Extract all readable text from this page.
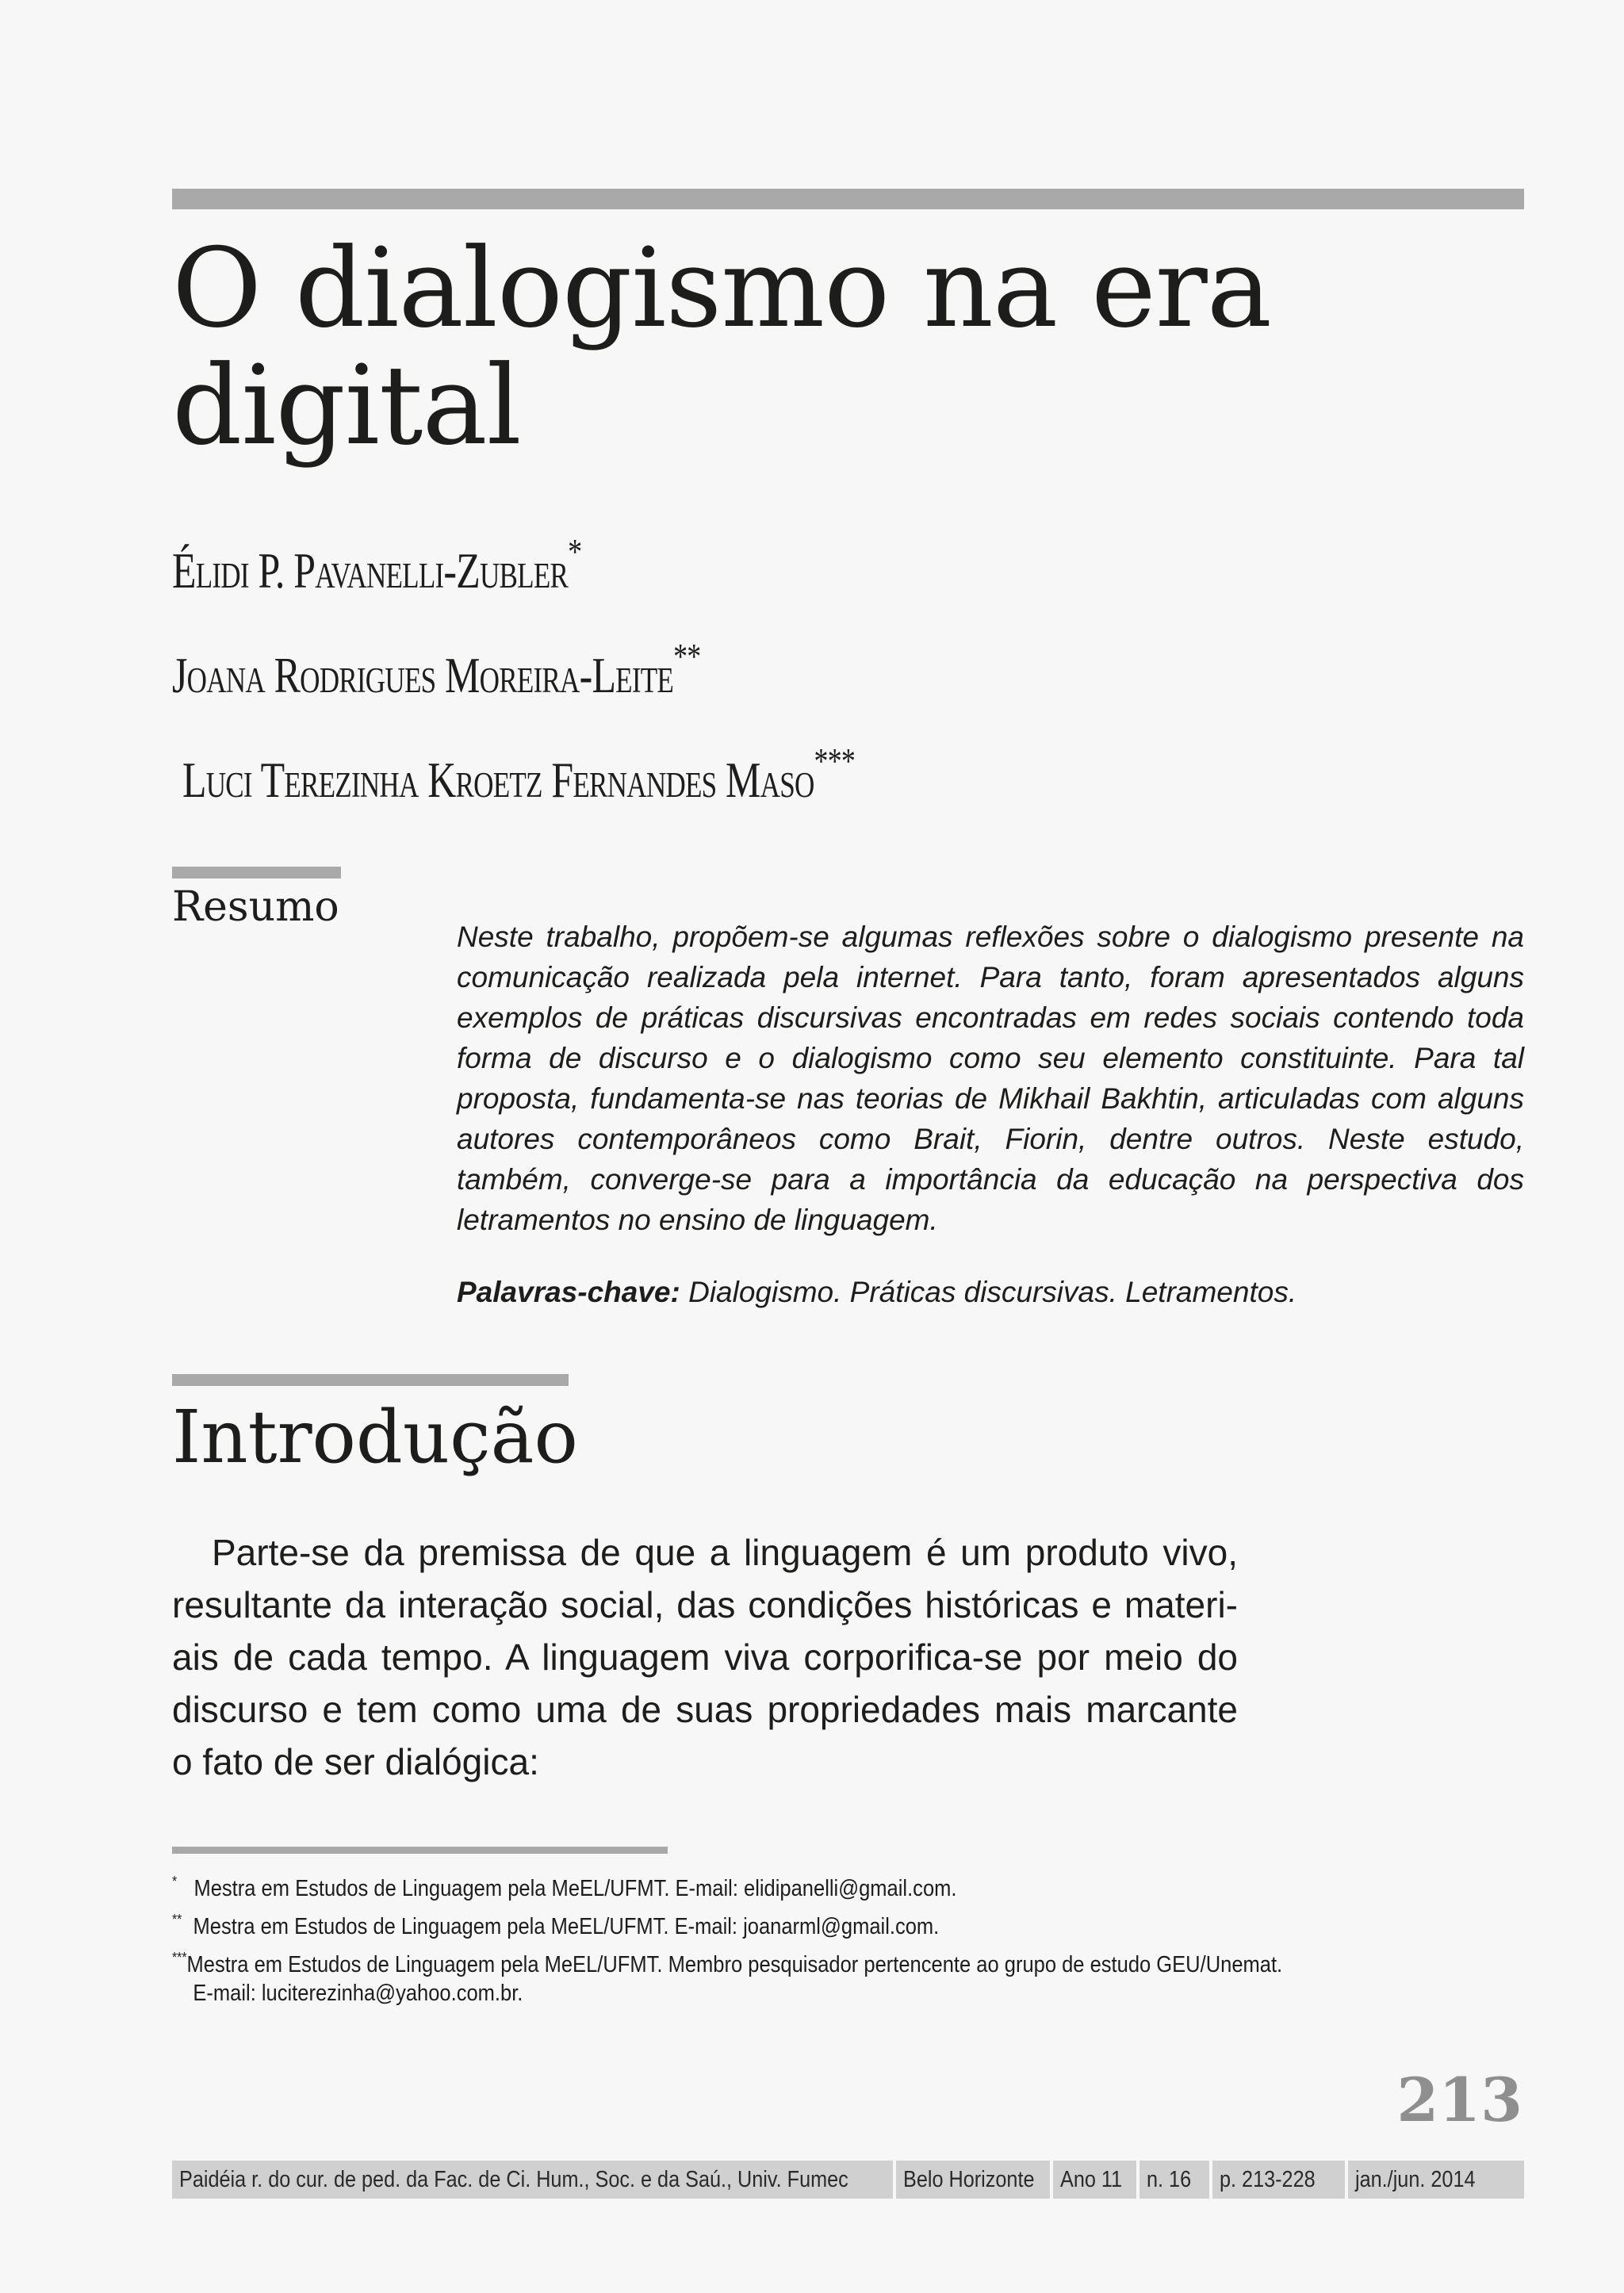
O dialogismo na era digital

Élidi P. Pavanelli-Zubler*

Joana Rodrigues Moreira-Leite**

Luci Terezinha Kroetz Fernandes Maso***

Resumo

Neste trabalho, propõem-se algumas reflexões sobre o dialogismo presente na comunicação realizada pela internet. Para tanto, foram apresentados alguns exemplos de práticas discursivas encontradas em redes sociais contendo toda forma de discurso e o dialogismo como seu elemento constituinte. Para tal proposta, fundamenta-se nas teorias de Mikhail Bakhtin, articuladas com alguns autores contemporâneos como Brait, Fiorin, dentre outros. Neste estudo, também, converge-se para a importância da educação na perspectiva dos letramentos no ensino de linguagem.

Palavras-chave: Dialogismo. Práticas discursivas. Letramentos.

Introdução

Parte-se da premissa de que a linguagem é um produto vivo,

resultante da interação social, das condições históricas e materi-

ais de cada tempo. A linguagem viva corporifica-se por meio do

discurso e tem como uma de suas propriedades mais marcante

o fato de ser dialógica:

* Mestra em Estudos de Linguagem pela MeEL/UFMT. E-mail: elidipanelli@gmail.com.

** Mestra em Estudos de Linguagem pela MeEL/UFMT. E-mail: joanarml@gmail.com.

***Mestra em Estudos de Linguagem pela MeEL/UFMT. Membro pesquisador pertencente ao grupo de estudo GEU/Unemat.
E-mail: luciterezinha@yahoo.com.br.

213

Paidéia r. do cur. de ped. da Fac. de Ci. Hum., Soc. e da Saú., Univ. Fumec	Belo Horizonte	Ano 11	n. 16	p. 213-228	jan./jun. 2014
